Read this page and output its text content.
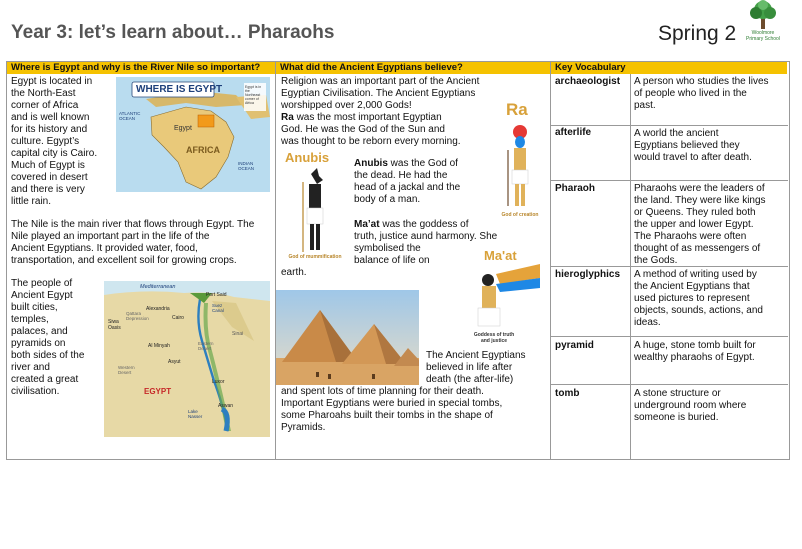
Year 3: let’s learn about… Pharaohs	Spring 2	Woolmore Primary School
Where is Egypt and why is the River Nile so important?	What did the Ancient Egyptians believe?	Key Vocabulary
Egypt is located in
the North-East
corner of Africa
and is well known
for its history and
culture. Egypt’s
capital city is Cairo.
Much of Egypt is
covered in desert
and there is very
little rain.
WHERE IS EGYPT
ATLANTIC OCEAN
Egypt
AFRICA
INDIAN OCEAN
Egypt is in the Northeast corner of Africa
The Nile is the main river that flows through Egypt. The
Nile played an important part in the life of the
Ancient Egyptians. It provided water, food,
transportation, and excellent soil for growing crops.
The people of
Ancient Egypt
built cities,
temples,
palaces, and
pyramids on
both sides of the
river and
created a great
civilisation.
Mediterranean
EGYPT
Alexandria
Port Said
Cairo
Suez Canal
Siwa Oasis
Al Minyah
Asyut
Luxor
Aswan
Lake Nasser
Sinai
Western Desert
Eastern Desert
Qattara Depression
Religion was an important part of the Ancient
Egyptian Civilisation. The Ancient Egyptians
worshipped over 2,000 Gods!
Ra was the most important Egyptian
God. He was the God of the Sun and
was thought to be reborn every morning.
Ra
God of creation
Anubis
God of mummification
Anubis was the God of
the dead. He had the
head of a jackal and the
body of a man.
Ma’at was the goddess of
truth, justice aund harmony. She
symbolised the
balance of life on
earth.
Ma'at
Goddess of truth and justice
The Ancient Egyptians
believed in life after
death (the after-life)
and spent lots of time planning for their death.
Important Egyptians were buried in special tombs,
some Pharoahs built their tombs in the shape of
Pyramids.
archaeologist A person who studies the lives
of people who lived in the
past.
afterlife	A world the ancient
Egyptians believed they
would travel to after death.
Pharaoh	Pharaohs were the leaders of
the land. They were like kings
or Queens. They ruled both
the upper and lower Egypt.
The Pharaohs were often
thought of as messengers of
the Gods.
hieroglyphics A method of writing used by
the Ancient Egyptians that
used pictures to represent
objects, sounds, actions, and
ideas.
pyramid	A huge, stone tomb built for
wealthy pharaohs of Egypt.
tomb	A stone structure or
underground room where
someone is buried.
